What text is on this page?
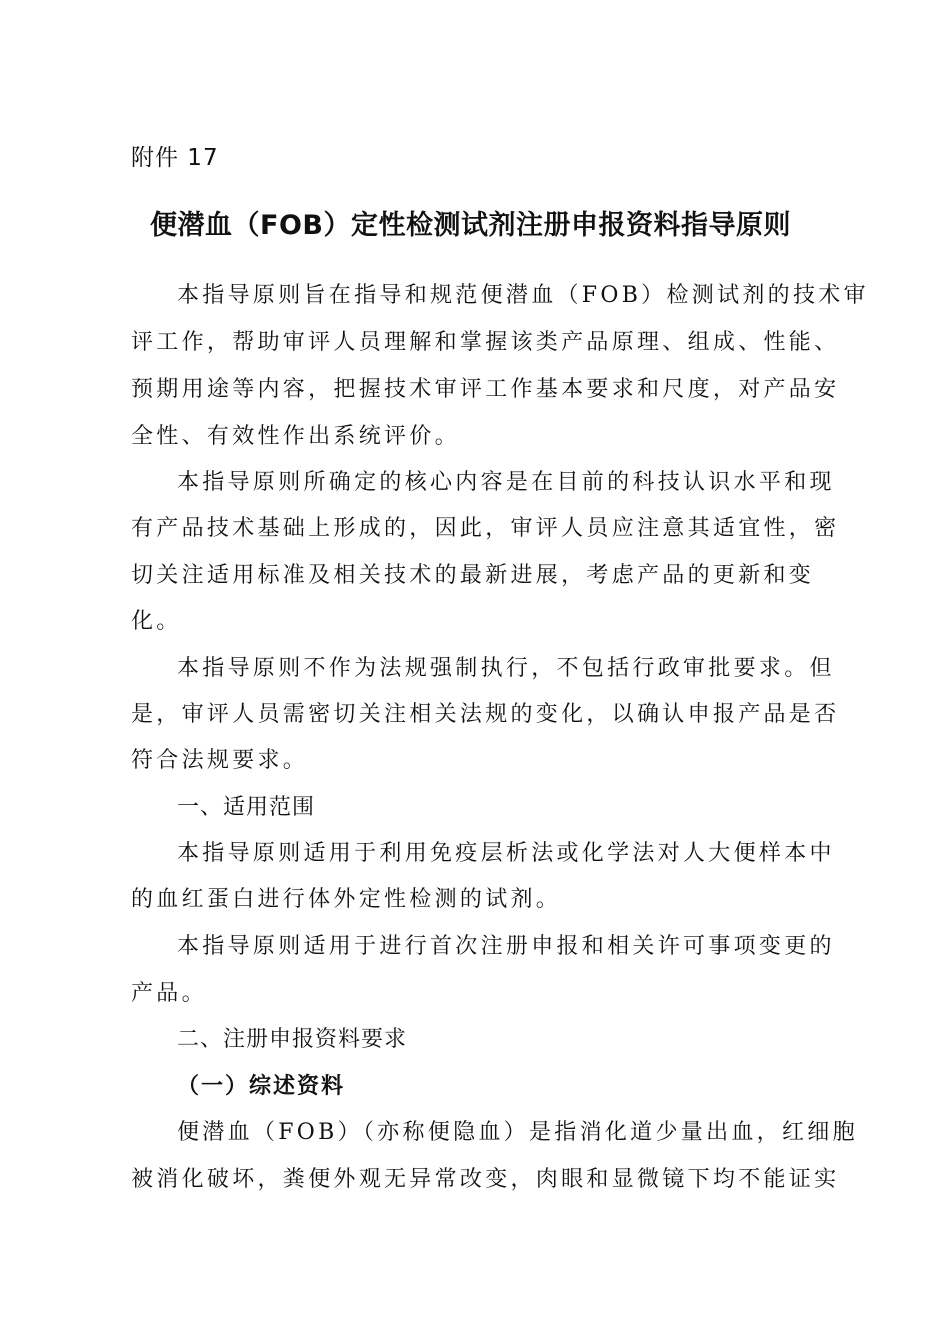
附件 17
便潜血（FOB）定性检测试剂注册申报资料指导原则
本指导原则旨在指导和规范便潜血（FOB）检测试剂的技术审
评工作，帮助审评人员理解和掌握该类产品原理、组成、性能、
预期用途等内容，把握技术审评工作基本要求和尺度，对产品安
全性、有效性作出系统评价。
本指导原则所确定的核心内容是在目前的科技认识水平和现
有产品技术基础上形成的，因此，审评人员应注意其适宜性，密
切关注适用标准及相关技术的最新进展，考虑产品的更新和变
化。
本指导原则不作为法规强制执行，不包括行政审批要求。但
是，审评人员需密切关注相关法规的变化，以确认申报产品是否
符合法规要求。
一、适用范围
本指导原则适用于利用免疫层析法或化学法对人大便样本中
的血红蛋白进行体外定性检测的试剂。
本指导原则适用于进行首次注册申报和相关许可事项变更的
产品。
二、注册申报资料要求
（一）综述资料
便潜血（FOB）（亦称便隐血）是指消化道少量出血，红细胞
被消化破坏，粪便外观无异常改变，肉眼和显微镜下均不能证实
